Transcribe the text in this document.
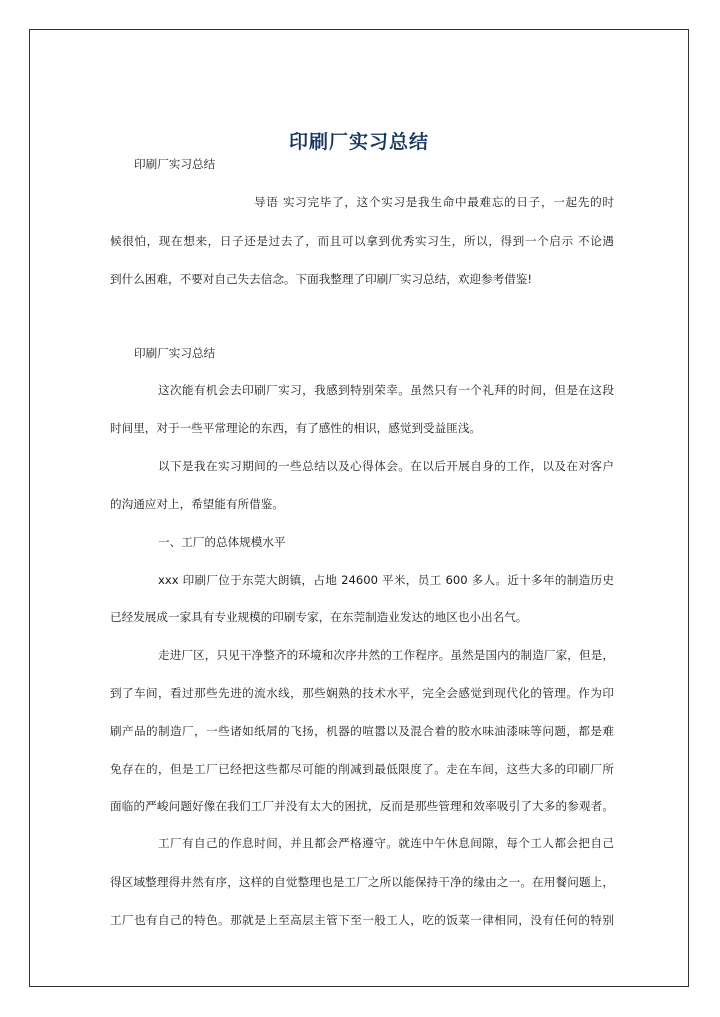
印刷厂实习总结
印刷厂实习总结
导语 实习完毕了，这个实习是我生命中最难忘的日子，一起先的时
候很怕，现在想来，日子还是过去了，而且可以拿到优秀实习生，所以，得到一个启示 不论遇
到什么困难，不要对自己失去信念。下面我整理了印刷厂实习总结，欢迎参考借鉴!
印刷厂实习总结
这次能有机会去印刷厂实习，我感到特别荣幸。虽然只有一个礼拜的时间，但是在这段
时间里，对于一些平常理论的东西，有了感性的相识，感觉到受益匪浅。
以下是我在实习期间的一些总结以及心得体会。在以后开展自身的工作，以及在对客户
的沟通应对上，希望能有所借鉴。
一、工厂的总体规模水平
xxx 印刷厂位于东莞大朗镇，占地 24600 平米，员工 600 多人。近十多年的制造历史
已经发展成一家具有专业规模的印刷专家，在东莞制造业发达的地区也小出名气。
走进厂区，只见干净整齐的环境和次序井然的工作程序。虽然是国内的制造厂家，但是，
到了车间，看过那些先进的流水线，那些娴熟的技术水平，完全会感觉到现代化的管理。作为印
刷产品的制造厂，一些诸如纸屑的飞扬，机器的喧嚣以及混合着的胶水味油漆味等问题，都是难
免存在的，但是工厂已经把这些都尽可能的削减到最低限度了。走在车间，这些大多的印刷厂所
面临的严峻问题好像在我们工厂并没有太大的困扰，反而是那些管理和效率吸引了大多的参观者。
工厂有自己的作息时间，并且都会严格遵守。就连中午休息间隙，每个工人都会把自己
得区域整理得井然有序，这样的自觉整理也是工厂之所以能保持干净的缘由之一。在用餐问题上，
工厂也有自己的特色。那就是上至高层主管下至一般工人，吃的饭菜一律相同，没有任何的特别
